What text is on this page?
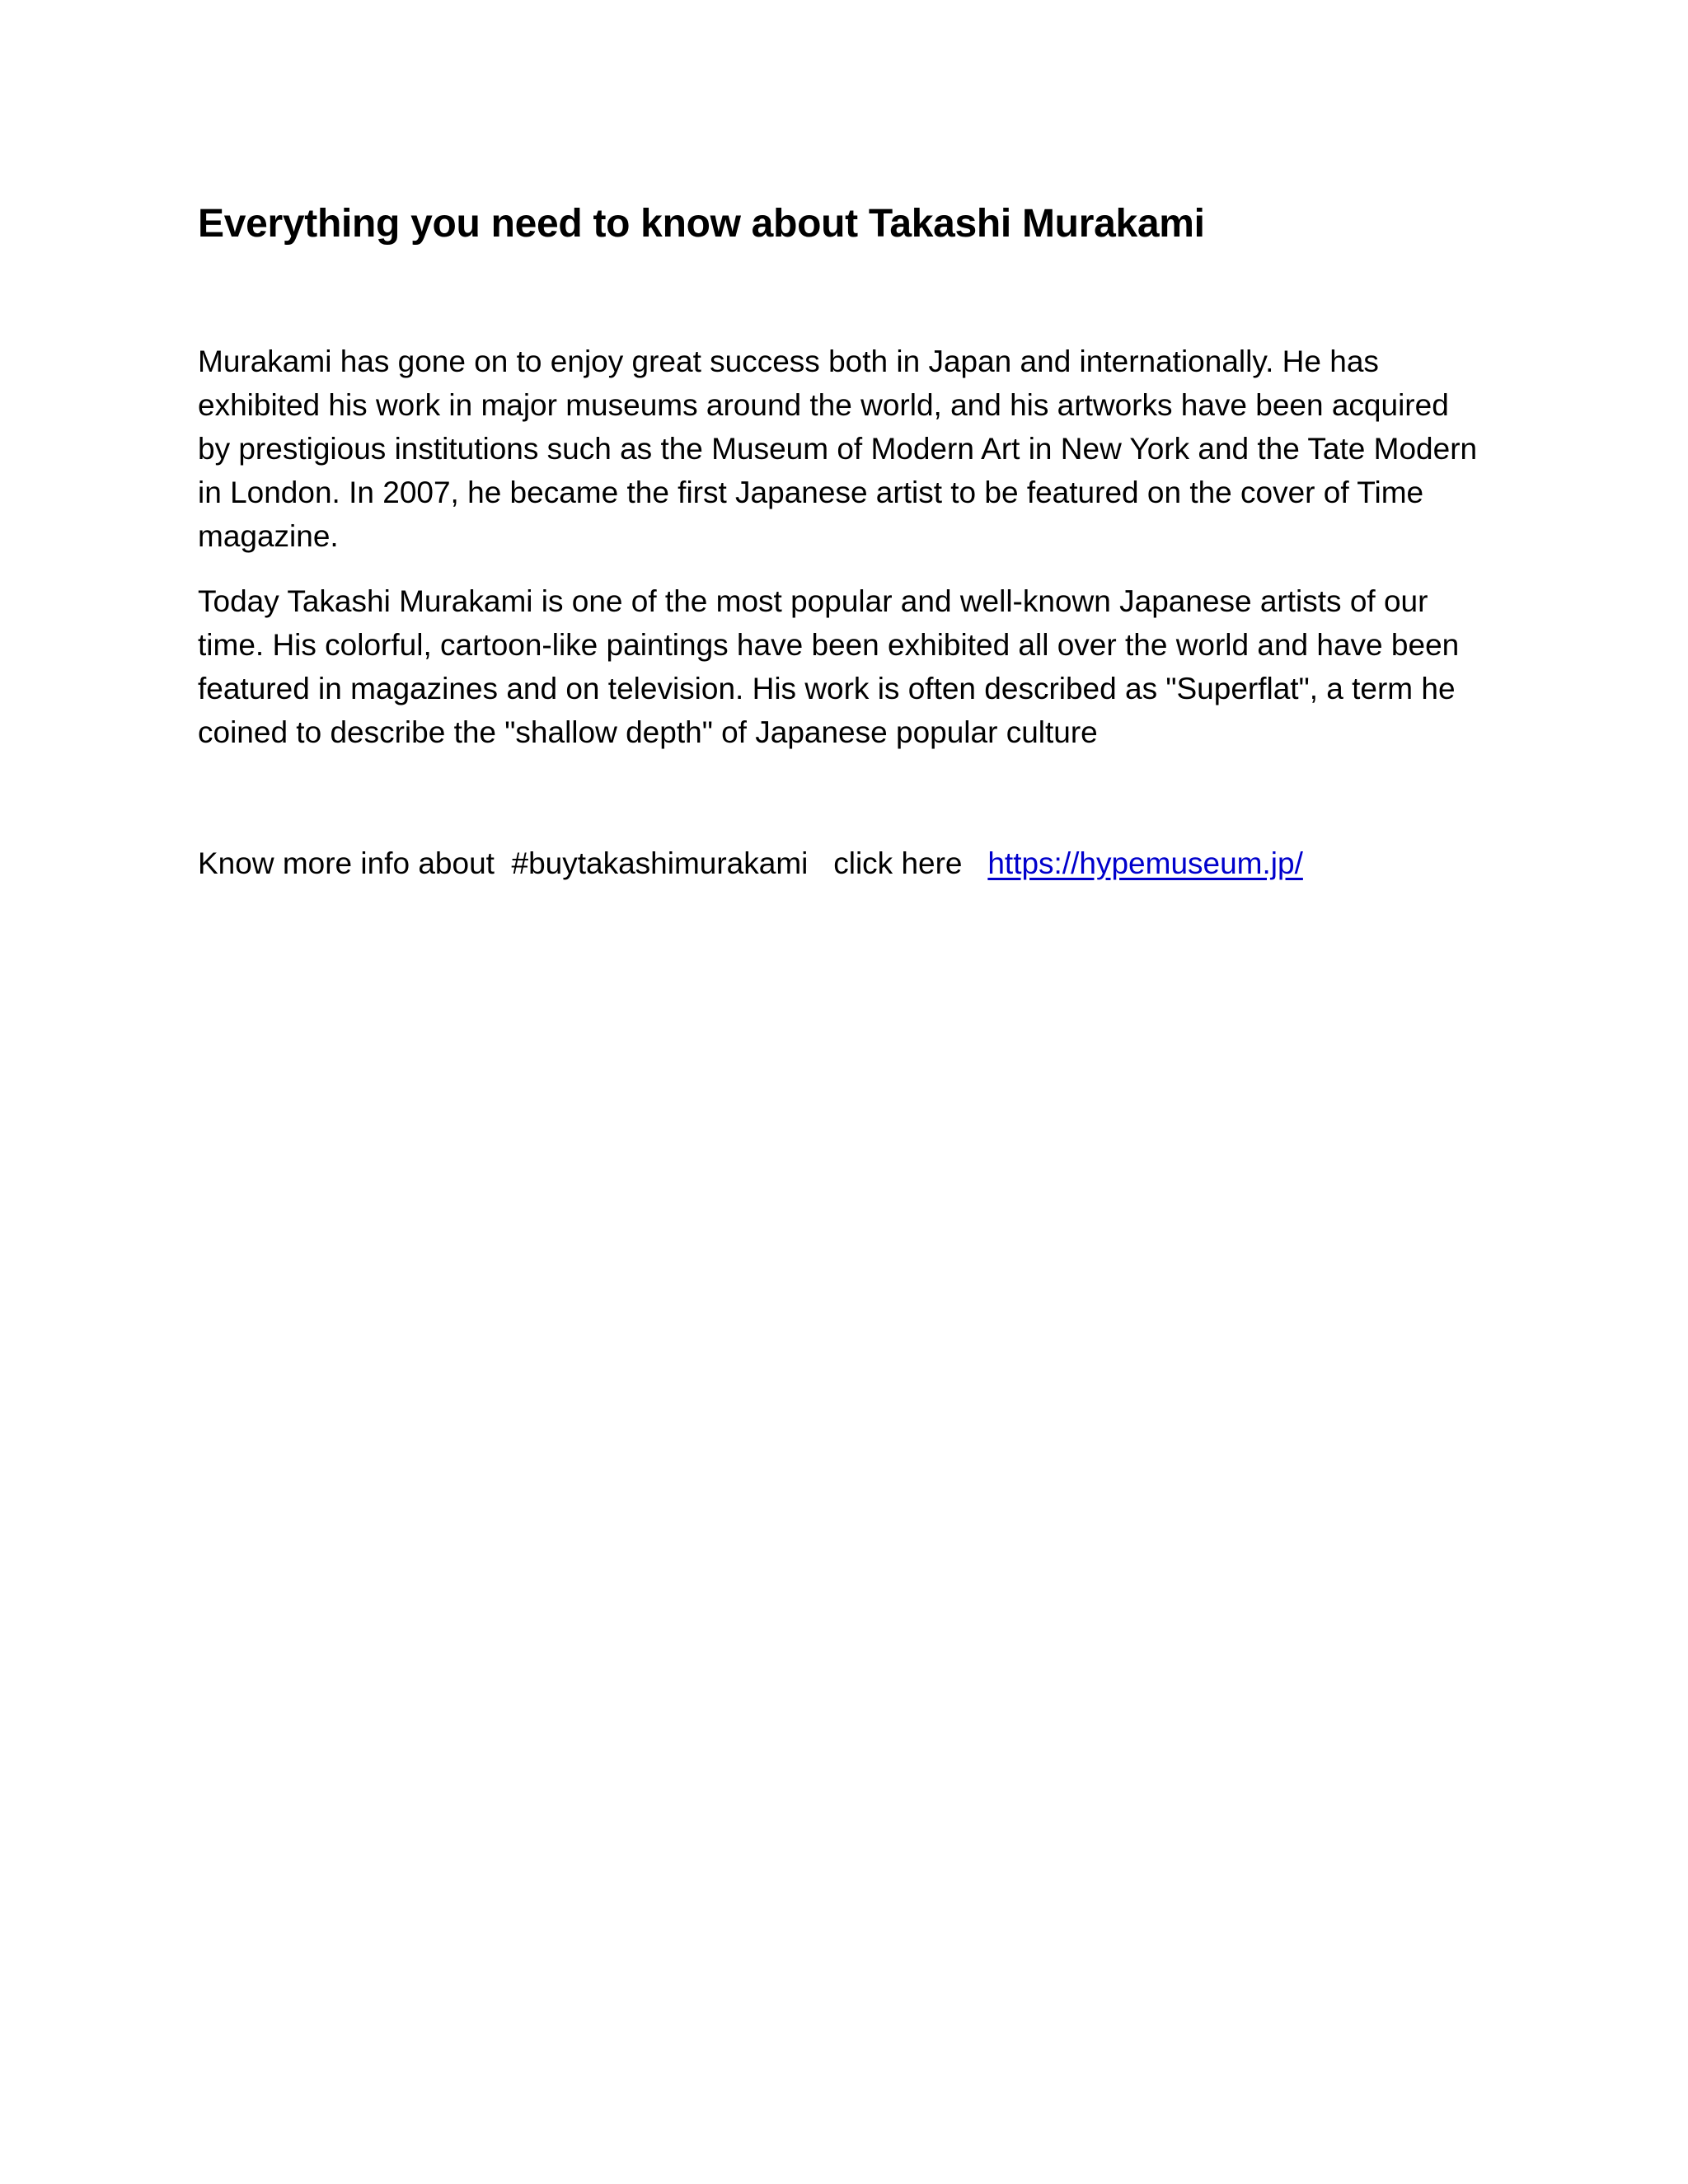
Everything you need to know about Takashi Murakami

Murakami has gone on to enjoy great success both in Japan and internationally. He has exhibited his work in major museums around the world, and his artworks have been acquired by prestigious institutions such as the Museum of Modern Art in New York and the Tate Modern in London. In 2007, he became the first Japanese artist to be featured on the cover of Time magazine.

Today Takashi Murakami is one of the most popular and well-known Japanese artists of our time. His colorful, cartoon-like paintings have been exhibited all over the world and have been featured in magazines and on television. His work is often described as "Superflat", a term he coined to describe the "shallow depth" of Japanese popular culture

Know more info about  #buytakashimurakami   click here   https://hypemuseum.jp/
